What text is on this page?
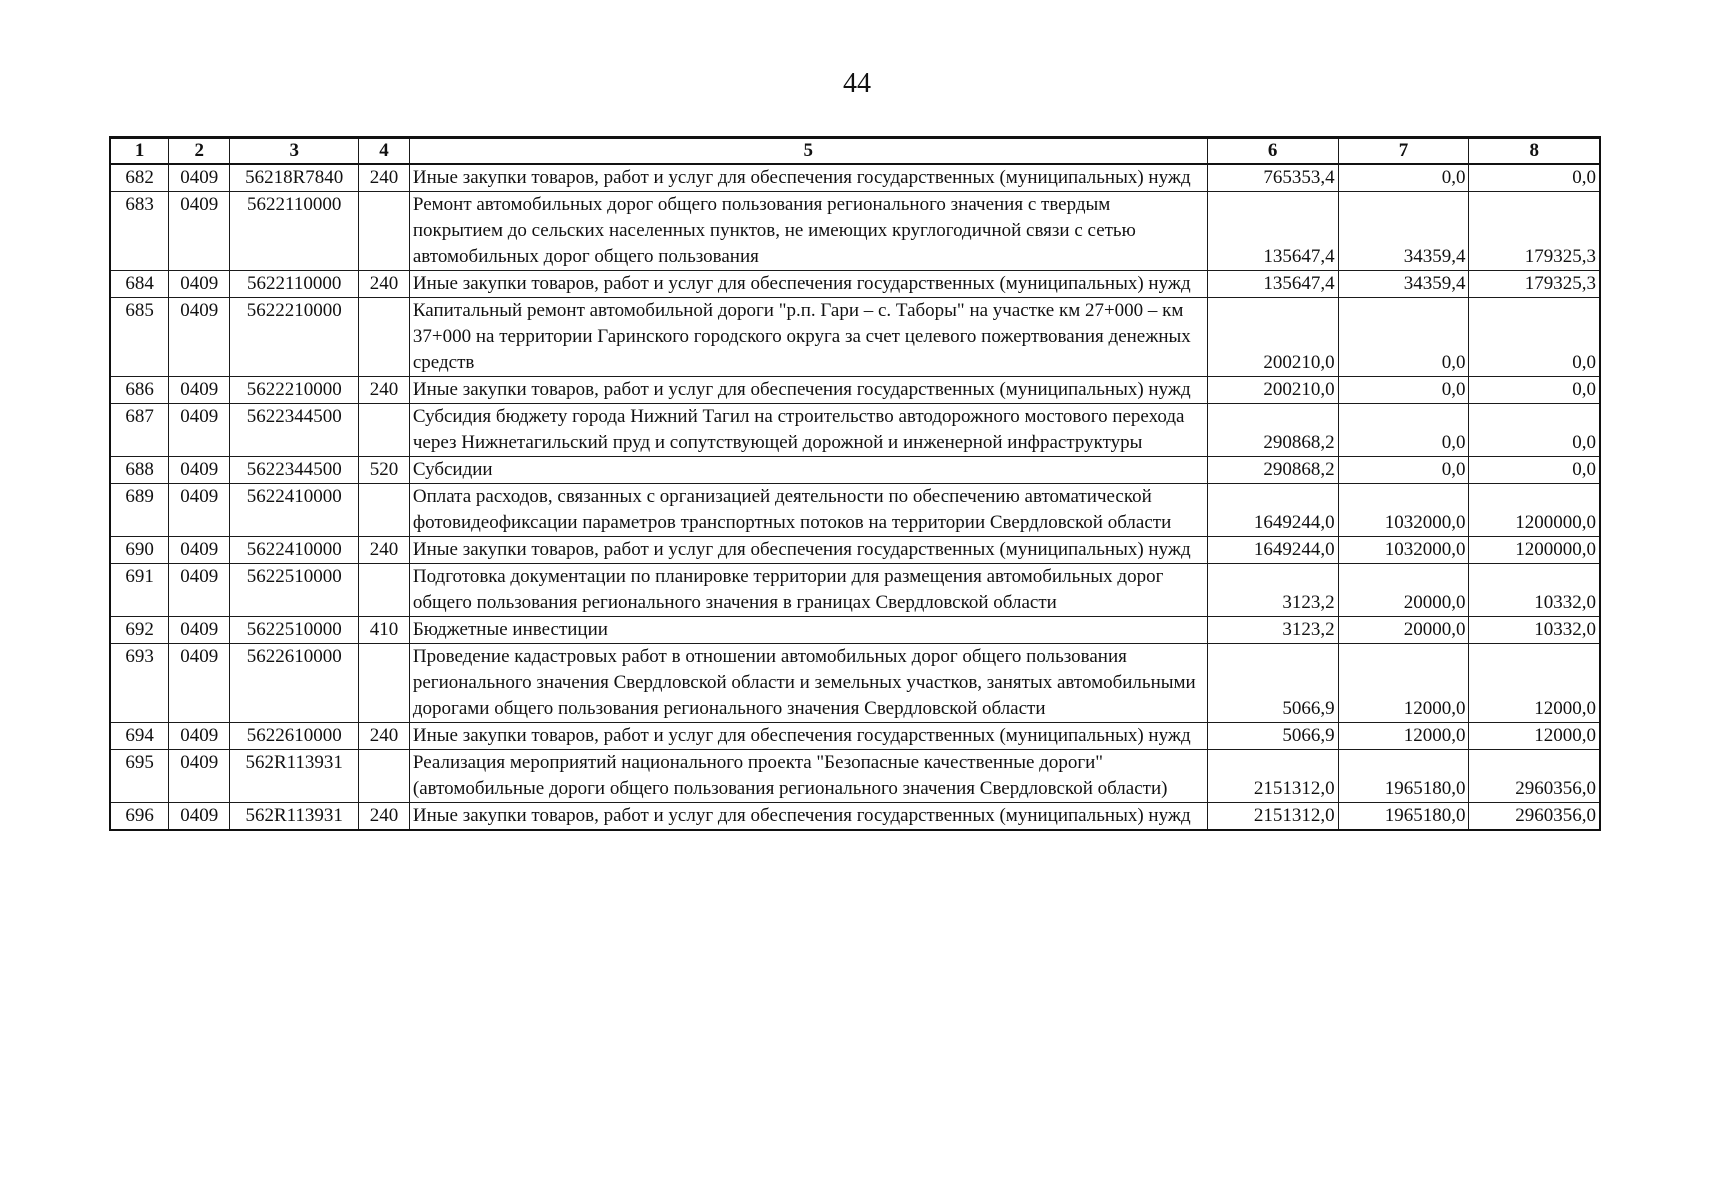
44
1	2	3	4	5	6	7	8
682	0409	56218R7840	240	Иные закупки товаров, работ и услуг для обеспечения государственных (муниципальных) нужд	765353,4	0,0	0,0
683	0409	5622110000		Ремонт автомобильных дорог общего пользования регионального значения с твердым покрытием до сельских населенных пунктов, не имеющих круглогодичной связи с сетью автомобильных дорог общего пользования	135647,4	34359,4	179325,3
684	0409	5622110000	240	Иные закупки товаров, работ и услуг для обеспечения государственных (муниципальных) нужд	135647,4	34359,4	179325,3
685	0409	5622210000		Капитальный ремонт автомобильной дороги "р.п. Гари – с. Таборы" на участке км 27+000 – км 37+000 на территории Гаринского городского округа за счет целевого пожертвования денежных средств	200210,0	0,0	0,0
686	0409	5622210000	240	Иные закупки товаров, работ и услуг для обеспечения государственных (муниципальных) нужд	200210,0	0,0	0,0
687	0409	5622344500		Субсидия бюджету города Нижний Тагил на строительство автодорожного мостового перехода через Нижнетагильский пруд и сопутствующей дорожной и инженерной инфраструктуры	290868,2	0,0	0,0
688	0409	5622344500	520	Субсидии	290868,2	0,0	0,0
689	0409	5622410000		Оплата расходов, связанных с организацией деятельности по обеспечению автоматической фотовидеофиксации параметров транспортных потоков на территории Свердловской области	1649244,0	1032000,0	1200000,0
690	0409	5622410000	240	Иные закупки товаров, работ и услуг для обеспечения государственных (муниципальных) нужд	1649244,0	1032000,0	1200000,0
691	0409	5622510000		Подготовка документации по планировке территории для размещения автомобильных дорог общего пользования регионального значения в границах Свердловской области	3123,2	20000,0	10332,0
692	0409	5622510000	410	Бюджетные инвестиции	3123,2	20000,0	10332,0
693	0409	5622610000		Проведение кадастровых работ в отношении автомобильных дорог общего пользования регионального значения Свердловской области и земельных участков, занятых автомобильными дорогами общего пользования регионального значения Свердловской области	5066,9	12000,0	12000,0
694	0409	5622610000	240	Иные закупки товаров, работ и услуг для обеспечения государственных (муниципальных) нужд	5066,9	12000,0	12000,0
695	0409	562R113931		Реализация мероприятий национального проекта "Безопасные качественные дороги" (автомобильные дороги общего пользования регионального значения Свердловской области)	2151312,0	1965180,0	2960356,0
696	0409	562R113931	240	Иные закупки товаров, работ и услуг для обеспечения государственных (муниципальных) нужд	2151312,0	1965180,0	2960356,0
